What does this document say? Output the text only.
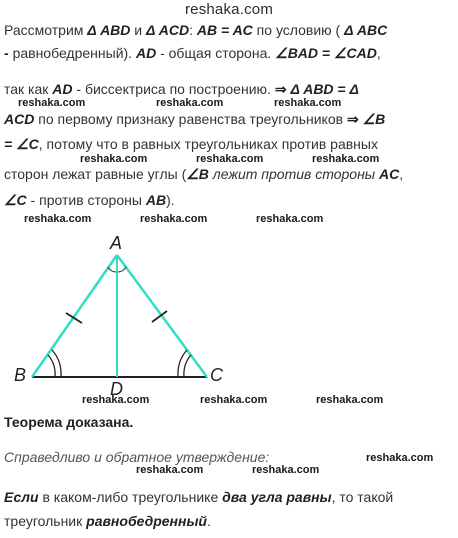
reshaka.com
Рассмотрим Δ ABD и Δ ACD: AB = AC по условию ( Δ ABC
- равнобедренный). AD - общая сторона. ∠BAD = ∠CAD,
reshaka.com	reshaka.com	reshaka.com
так как AD - биссектриса по построению. ⇒ Δ ABD = Δ
ACD по первому признаку равенства треугольников ⇒ ∠B
= ∠C, потому что в равных треугольниках против равных
reshaka.com	reshaka.com	reshaka.com
сторон лежат равные углы (∠B лежит против стороны AC,
∠C - против стороны AB).
reshaka.com	reshaka.com	reshaka.com
A
B	C
D
reshaka.com	reshaka.com	reshaka.com
Теорема доказана.
Справедливо и обратное утверждение:	reshaka.com
reshaka.com	reshaka.com
Если в каком-либо треугольнике два угла равны, то такой
треугольник равнобедренный.
